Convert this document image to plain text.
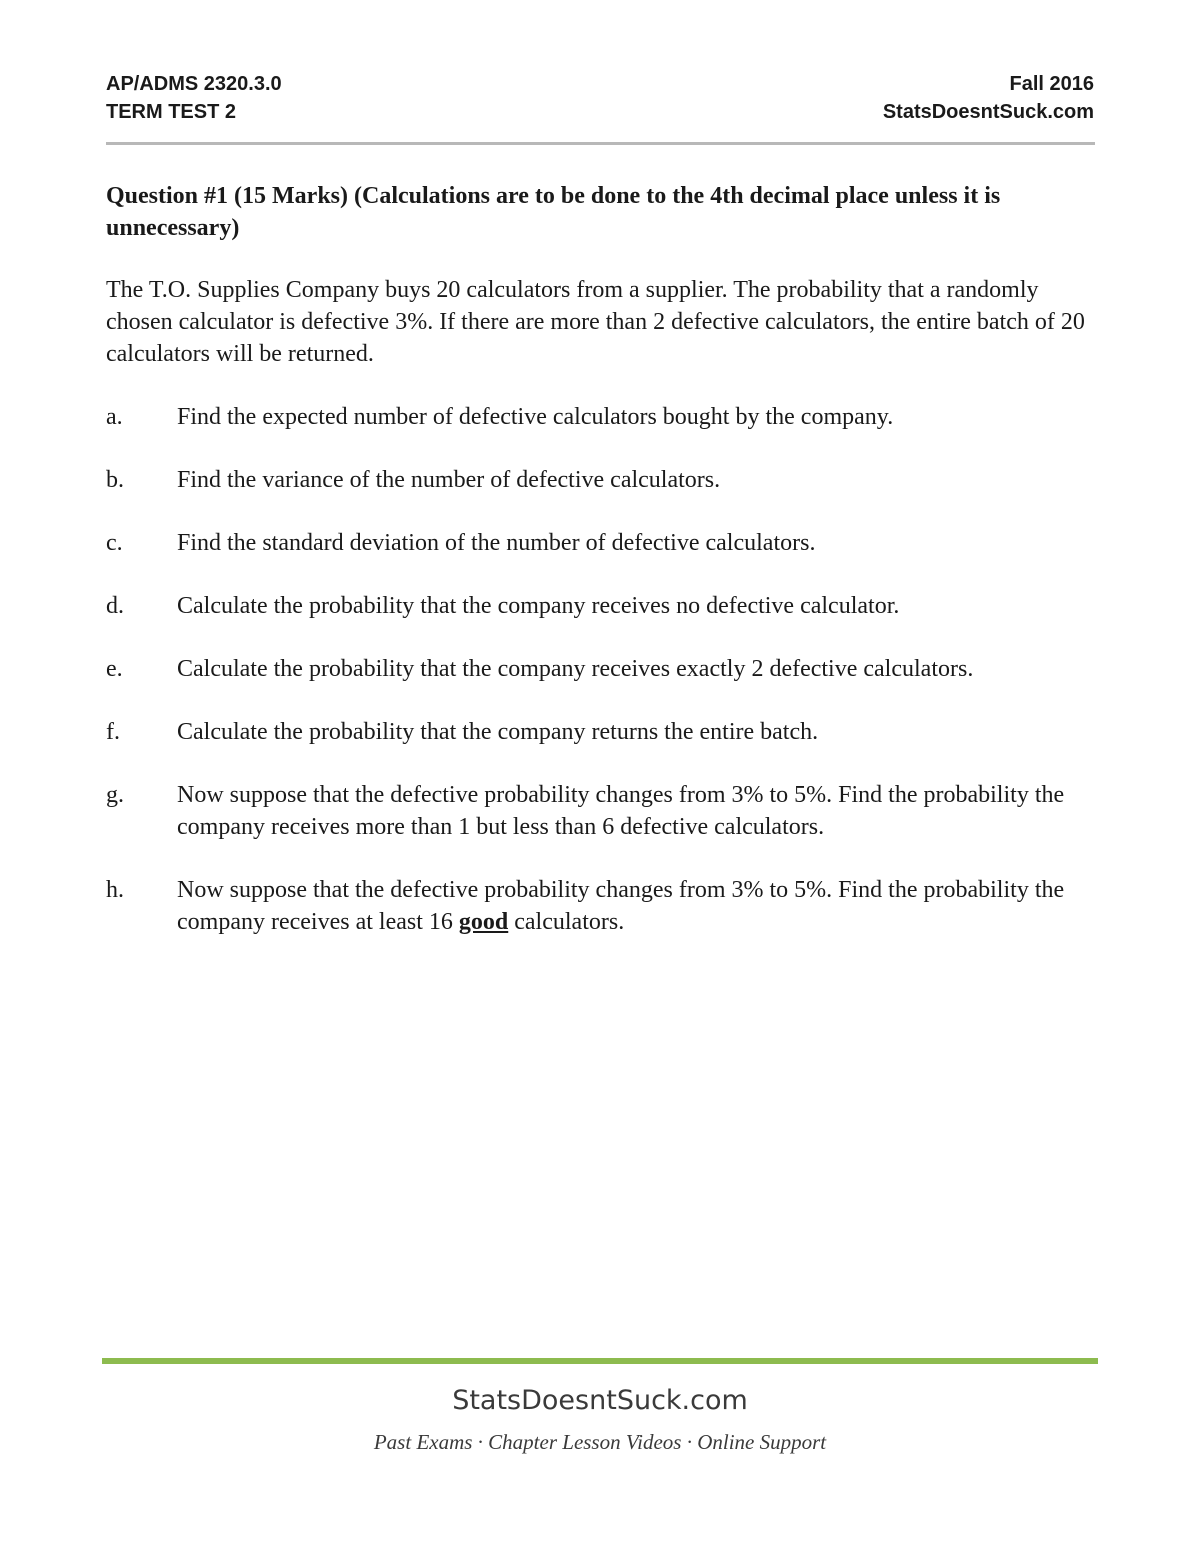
AP/ADMS 2320.3.0
TERM TEST 2
Fall 2016
StatsDoesntSuck.com

Question #1 (15 Marks) (Calculations are to be done to the 4th decimal place unless it is unnecessary)

The T.O. Supplies Company buys 20 calculators from a supplier. The probability that a randomly chosen calculator is defective 3%. If there are more than 2 defective calculators, the entire batch of 20 calculators will be returned.

a. Find the expected number of defective calculators bought by the company.
b. Find the variance of the number of defective calculators.
c. Find the standard deviation of the number of defective calculators.
d. Calculate the probability that the company receives no defective calculator.
e. Calculate the probability that the company receives exactly 2 defective calculators.
f. Calculate the probability that the company returns the entire batch.
g. Now suppose that the defective probability changes from 3% to 5%. Find the probability the company receives more than 1 but less than 6 defective calculators.
h. Now suppose that the defective probability changes from 3% to 5%. Find the probability the company receives at least 16 good calculators.
StatsDoesntSuck.com
Past Exams · Chapter Lesson Videos · Online Support
